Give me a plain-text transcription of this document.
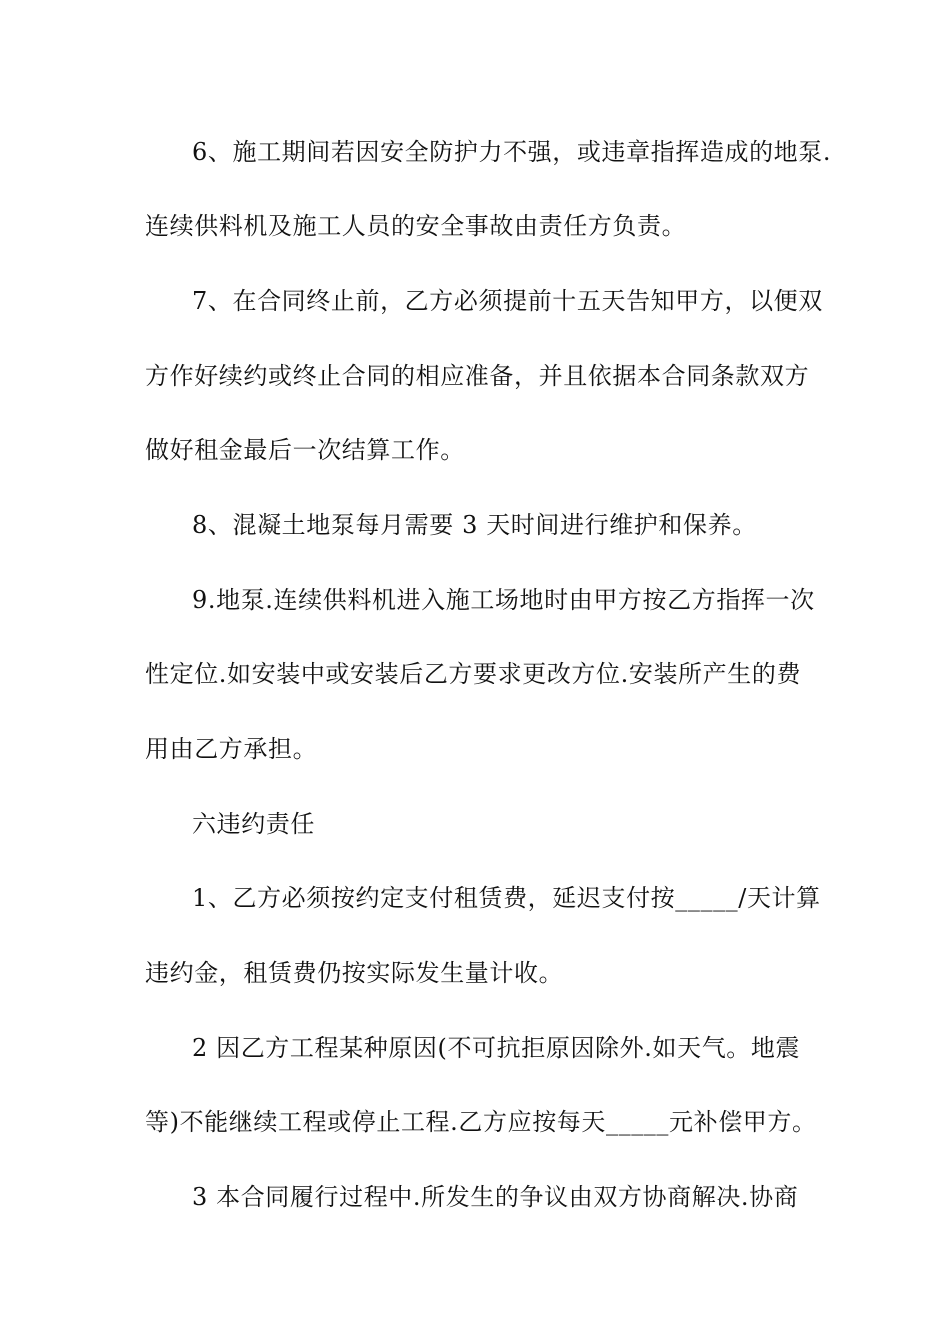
6、施工期间若因安全防护力不强，或违章指挥造成的地泵.
连续供料机及施工人员的安全事故由责任方负责。
7、在合同终止前，乙方必须提前十五天告知甲方，以便双
方作好续约或终止合同的相应准备，并且依据本合同条款双方
做好租金最后一次结算工作。
8、混凝土地泵每月需要 3 天时间进行维护和保养。
9.地泵.连续供料机进入施工场地时由甲方按乙方指挥一次
性定位.如安装中或安装后乙方要求更改方位.安装所产生的费
用由乙方承担。
六违约责任
1、乙方必须按约定支付租赁费，延迟支付按_____/天计算
违约金，租赁费仍按实际发生量计收。
2 因乙方工程某种原因(不可抗拒原因除外.如天气。地震
等)不能继续工程或停止工程.乙方应按每天_____元补偿甲方。
3 本合同履行过程中.所发生的争议由双方协商解决.协商
